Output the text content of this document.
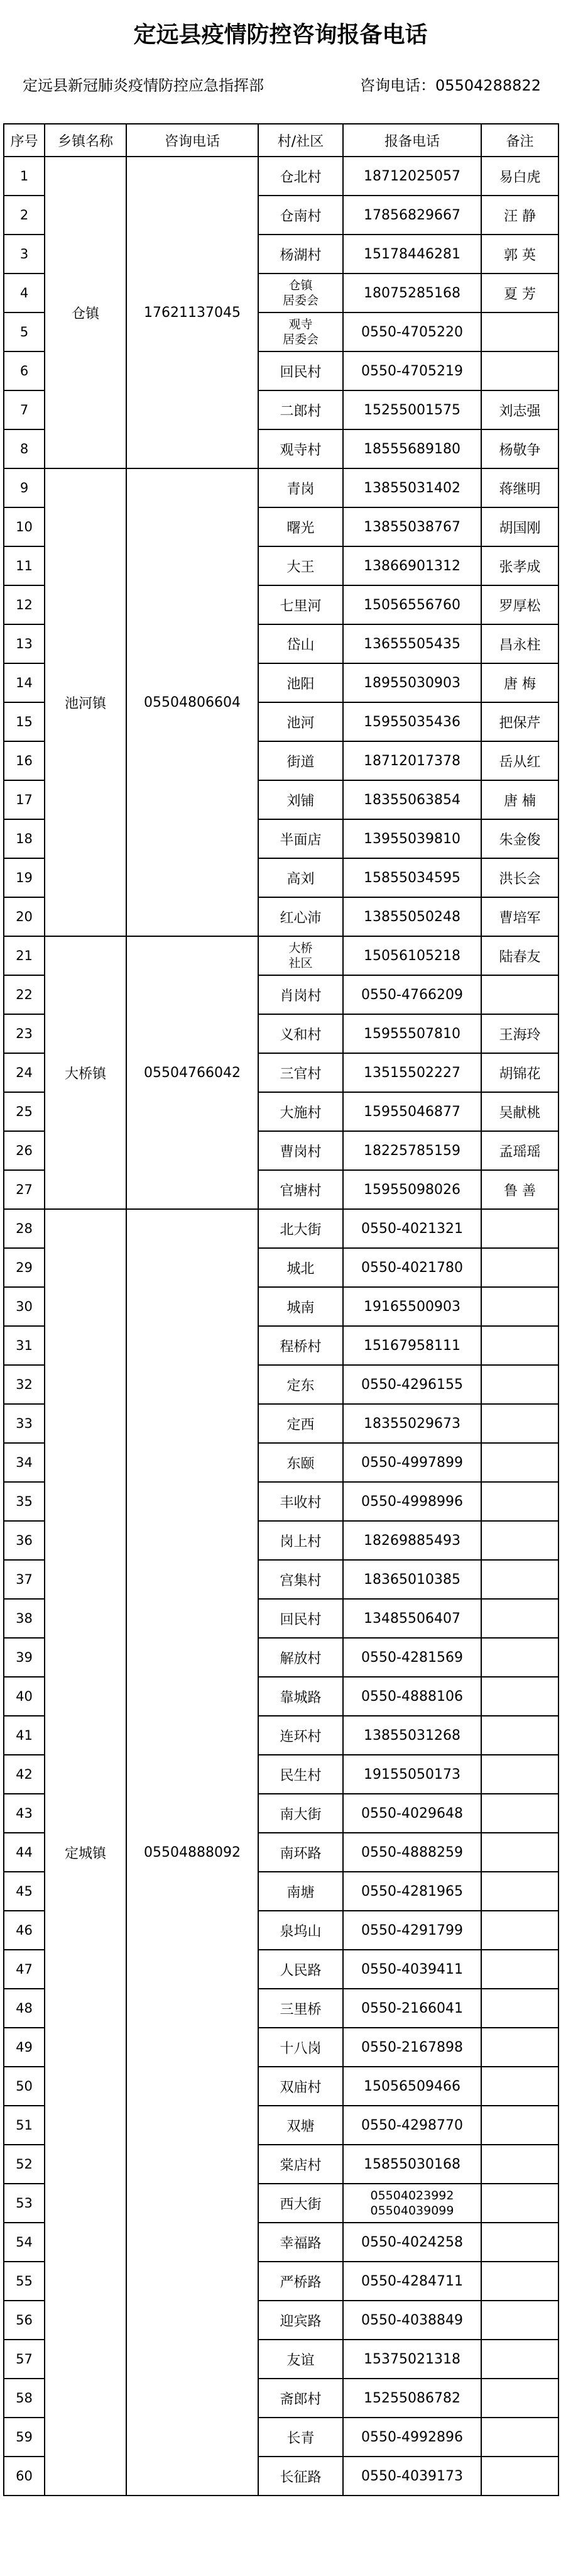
定远县疫情防控咨询报备电话
定远县新冠肺炎疫情防控应急指挥部	咨询电话：05504288822
序号	乡镇名称	咨询电话	村/社区	报备电话	备注
1	仓镇	17621137045	仓北村	18712025057	易白虎
2			仓南村	17856829667	汪 静
3			杨湖村	15178446281	郭 英
4			仓镇
居委会	18075285168	夏 芳
5			观寺
居委会	0550-4705220	
6			回民村	0550-4705219	
7			二郎村	15255001575	刘志强
8			观寺村	18555689180	杨敬争
9	池河镇	05504806604	青岗	13855031402	蒋继明
10			曙光	13855038767	胡国刚
11			大王	13866901312	张孝成
12			七里河	15056556760	罗厚松
13			岱山	13655505435	昌永柱
14			池阳	18955030903	唐 梅
15			池河	15955035436	把保芹
16			街道	18712017378	岳从红
17			刘铺	18355063854	唐 楠
18			半面店	13955039810	朱金俊
19			高刘	15855034595	洪长会
20			红心沛	13855050248	曹培军
21	大桥镇	05504766042	大桥
社区	15056105218	陆春友
22			肖岗村	0550-4766209	
23			义和村	15955507810	王海玲
24			三官村	13515502227	胡锦花
25			大施村	15955046877	吴献桃
26			曹岗村	18225785159	孟瑶瑶
27			官塘村	15955098026	鲁 善
28	定城镇	05504888092	北大街	0550-4021321	
29			城北	0550-4021780	
30			城南	19165500903	
31			程桥村	15167958111	
32			定东	0550-4296155	
33			定西	18355029673	
34			东颐	0550-4997899	
35			丰收村	0550-4998996	
36			岗上村	18269885493	
37			宫集村	18365010385	
38			回民村	13485506407	
39			解放村	0550-4281569	
40			靠城路	0550-4888106	
41			连环村	13855031268	
42			民生村	19155050173	
43			南大街	0550-4029648	
44			南环路	0550-4888259	
45			南塘	0550-4281965	
46			泉坞山	0550-4291799	
47			人民路	0550-4039411	
48			三里桥	0550-2166041	
49			十八岗	0550-2167898	
50			双庙村	15056509466	
51			双塘	0550-4298770	
52			棠店村	15855030168	
53			西大街	05504023992
05504039099	
54			幸福路	0550-4024258	
55			严桥路	0550-4284711	
56			迎宾路	0550-4038849	
57			友谊	15375021318	
58			斋郎村	15255086782	
59			长青	0550-4992896	
60			长征路	0550-4039173	
